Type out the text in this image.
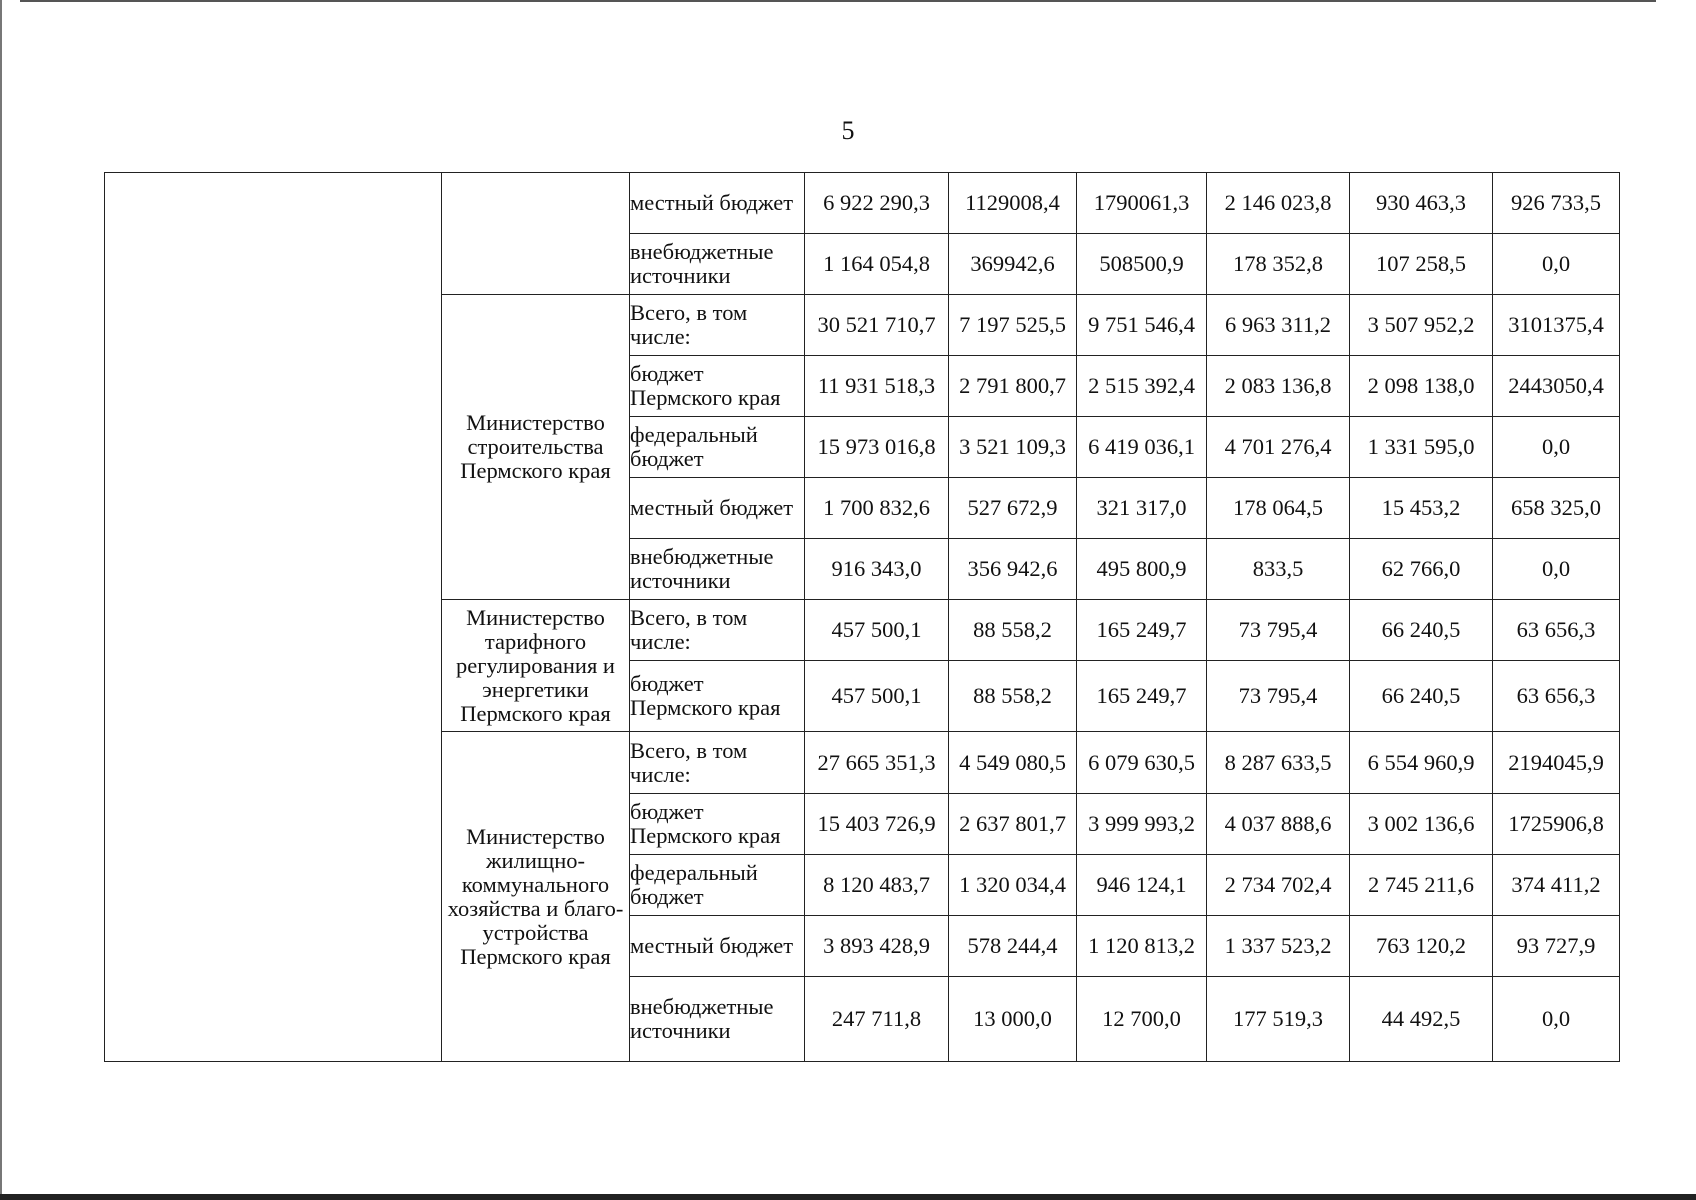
5
		местный бюджет	6 922 290,3	1129008,4	1790061,3	2 146 023,8	930 463,3	926 733,5
		внебюджетные источники	1 164 054,8	369942,6	508500,9	178 352,8	107 258,5	0,0
	Министерство строительства Пермского края	Всего, в том числе:	30 521 710,7	7 197 525,5	9 751 546,4	6 963 311,2	3 507 952,2	3101375,4
		бюджет Пермского края	11 931 518,3	2 791 800,7	2 515 392,4	2 083 136,8	2 098 138,0	2443050,4
		федеральный бюджет	15 973 016,8	3 521 109,3	6 419 036,1	4 701 276,4	1 331 595,0	0,0
		местный бюджет	1 700 832,6	527 672,9	321 317,0	178 064,5	15 453,2	658 325,0
		внебюджетные источники	916 343,0	356 942,6	495 800,9	833,5	62 766,0	0,0
	Министерство тарифного регулирования и энергетики Пермского края	Всего, в том числе:	457 500,1	88 558,2	165 249,7	73 795,4	66 240,5	63 656,3
		бюджет Пермского края	457 500,1	88 558,2	165 249,7	73 795,4	66 240,5	63 656,3
	Министерство жилищно-коммунального хозяйства и благо-устройства Пермского края	Всего, в том числе:	27 665 351,3	4 549 080,5	6 079 630,5	8 287 633,5	6 554 960,9	2194045,9
		бюджет Пермского края	15 403 726,9	2 637 801,7	3 999 993,2	4 037 888,6	3 002 136,6	1725906,8
		федеральный бюджет	8 120 483,7	1 320 034,4	946 124,1	2 734 702,4	2 745 211,6	374 411,2
		местный бюджет	3 893 428,9	578 244,4	1 120 813,2	1 337 523,2	763 120,2	93 727,9
		внебюджетные источники	247 711,8	13 000,0	12 700,0	177 519,3	44 492,5	0,0
